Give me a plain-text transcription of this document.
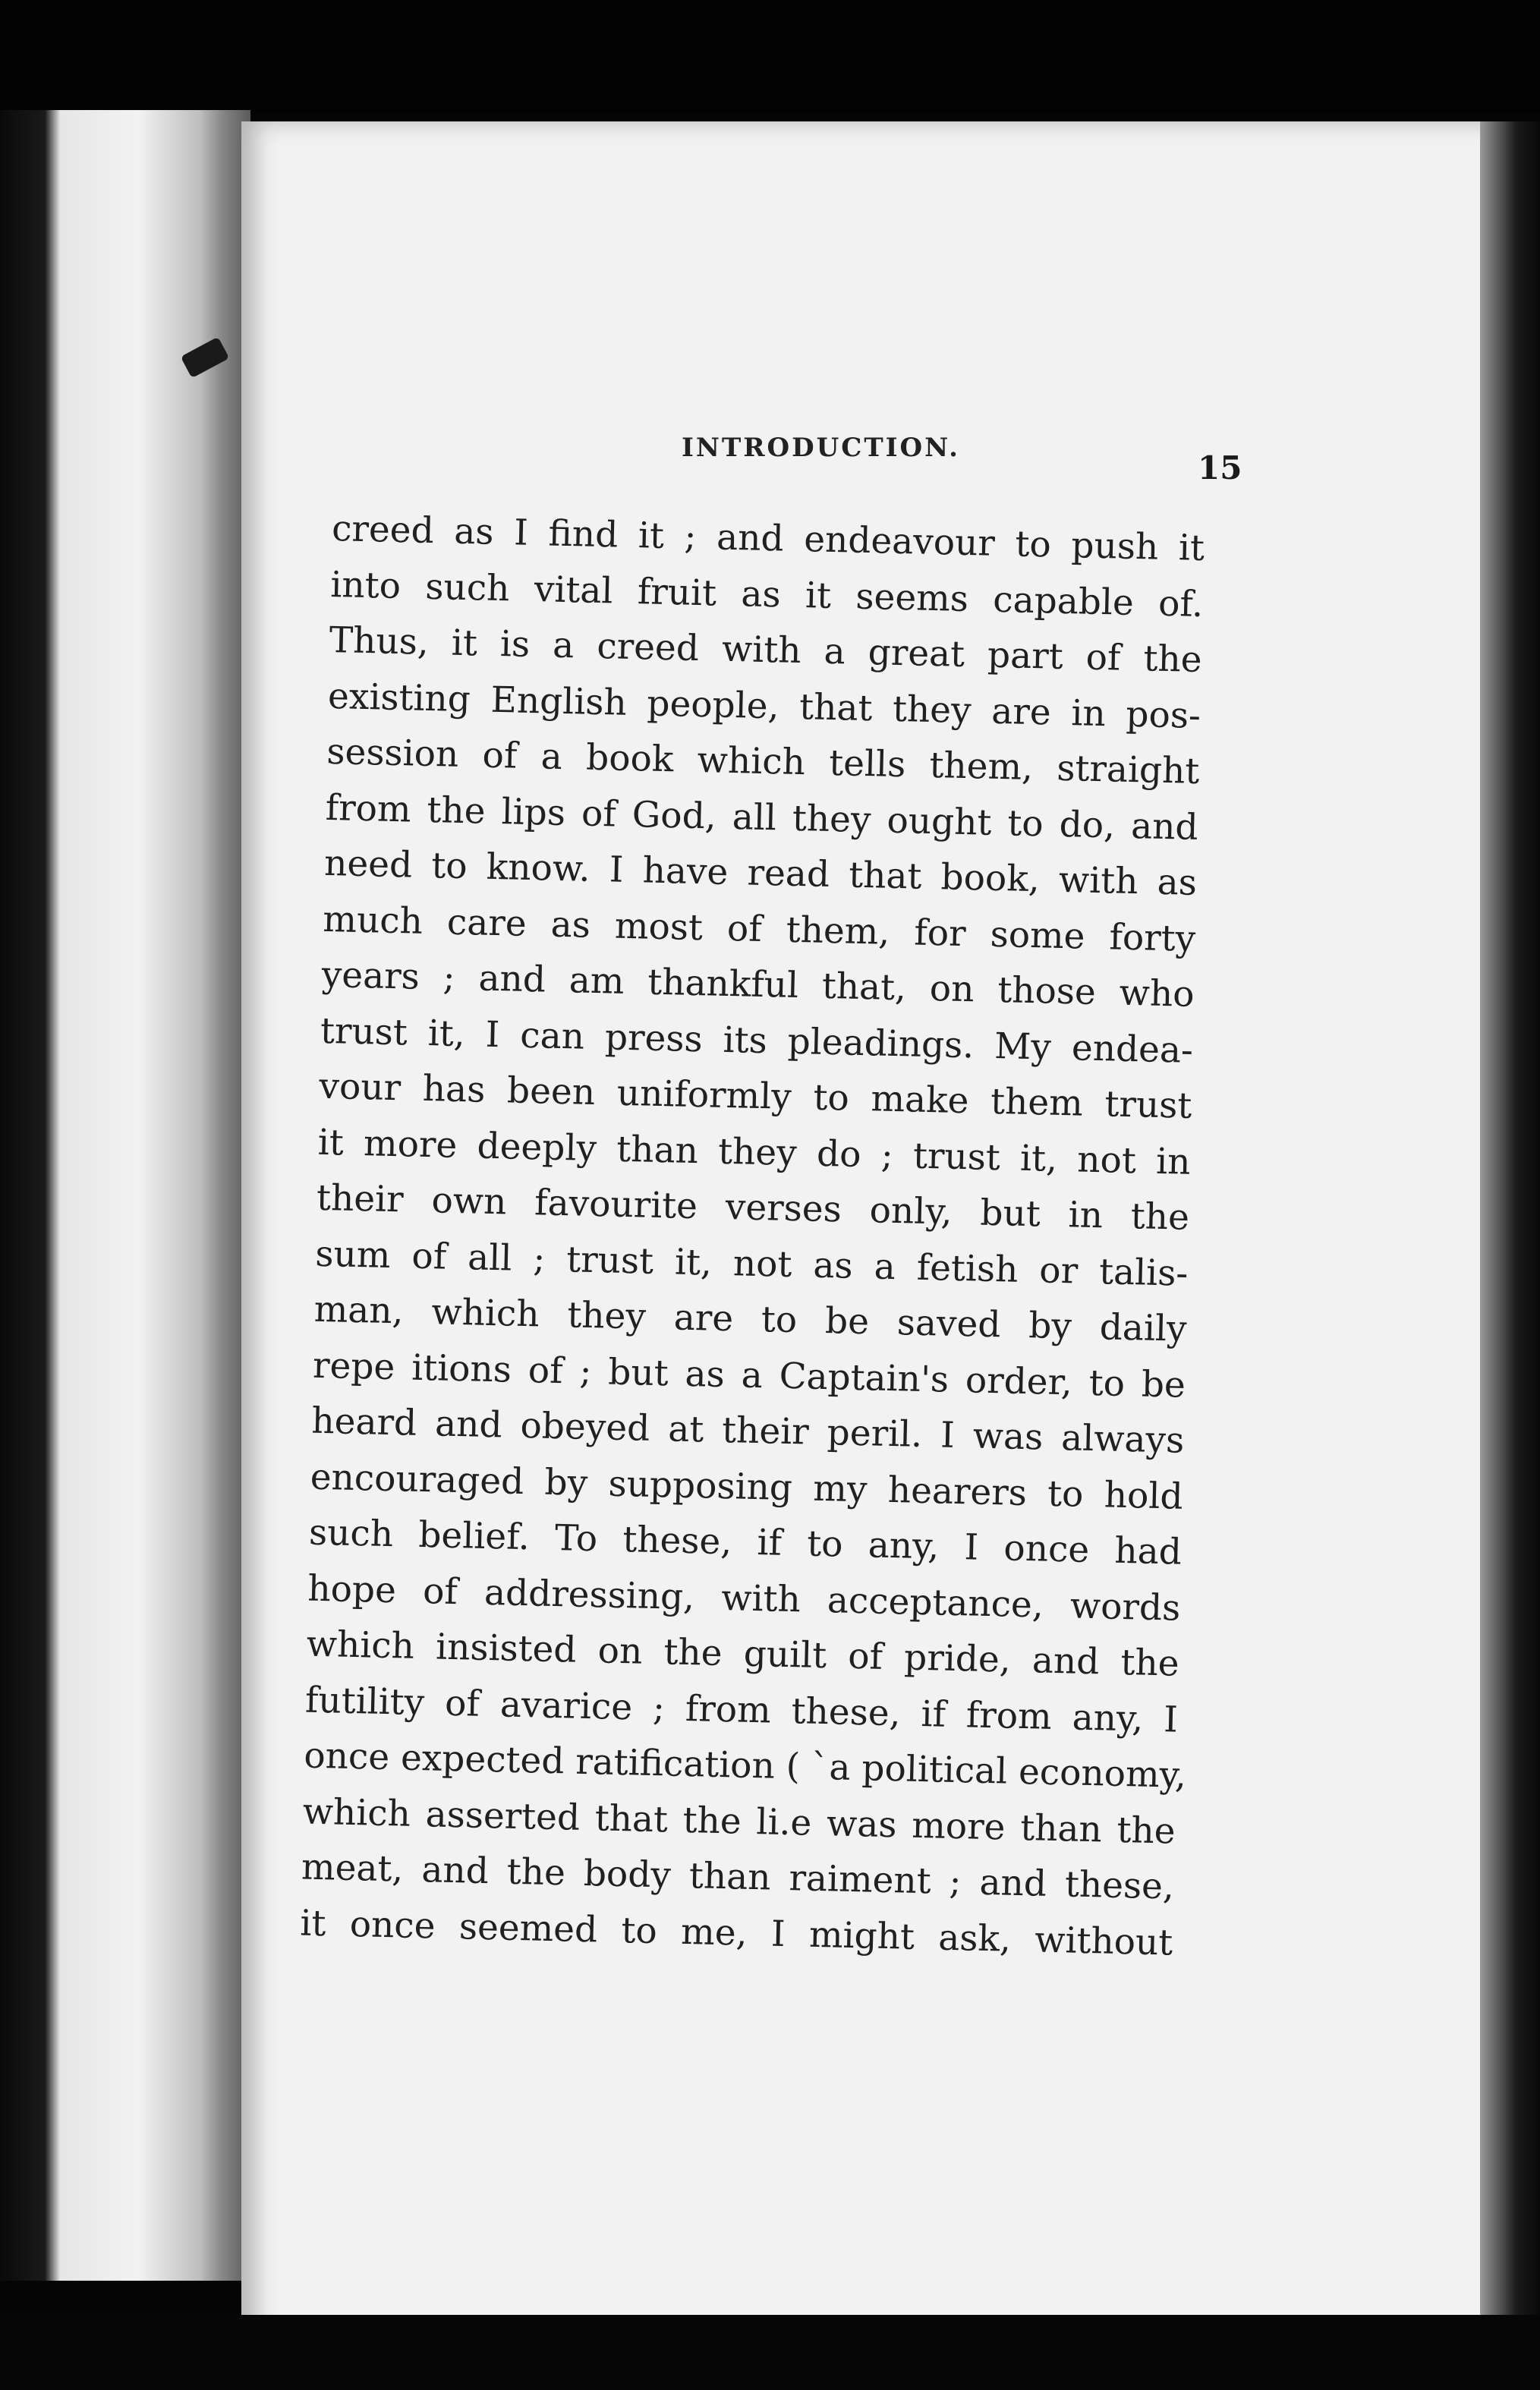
INTRODUCTION.
15
creed as I find it ; and endeavour to push it
into such vital fruit as it seems capable of.
Thus, it is a creed with a great part of the
existing English people, that they are in pos-
session of a book which tells them, straight
from the lips of God, all they ought to do, and
need to know. I have read that book, with as
much care as most of them, for some forty
years ; and am thankful that, on those who
trust it, I can press its pleadings. My endea-
vour has been uniformly to make them trust
it more deeply than they do ; trust it, not in
their own favourite verses only, but in the
sum of all ; trust it, not as a fetish or talis-
man, which they are to be saved by daily
repe itions of ; but as a Captain's order, to be
heard and obeyed at their peril. I was always
encouraged by supposing my hearers to hold
such belief. To these, if to any, I once had
hope of addressing, with acceptance, words
which insisted on the guilt of pride, and the
futility of avarice ; from these, if from any, I
once expected ratification ( `a political economy,
which asserted that the li.e was more than the
meat, and the body than raiment ; and these,
it once seemed to me, I might ask, without
